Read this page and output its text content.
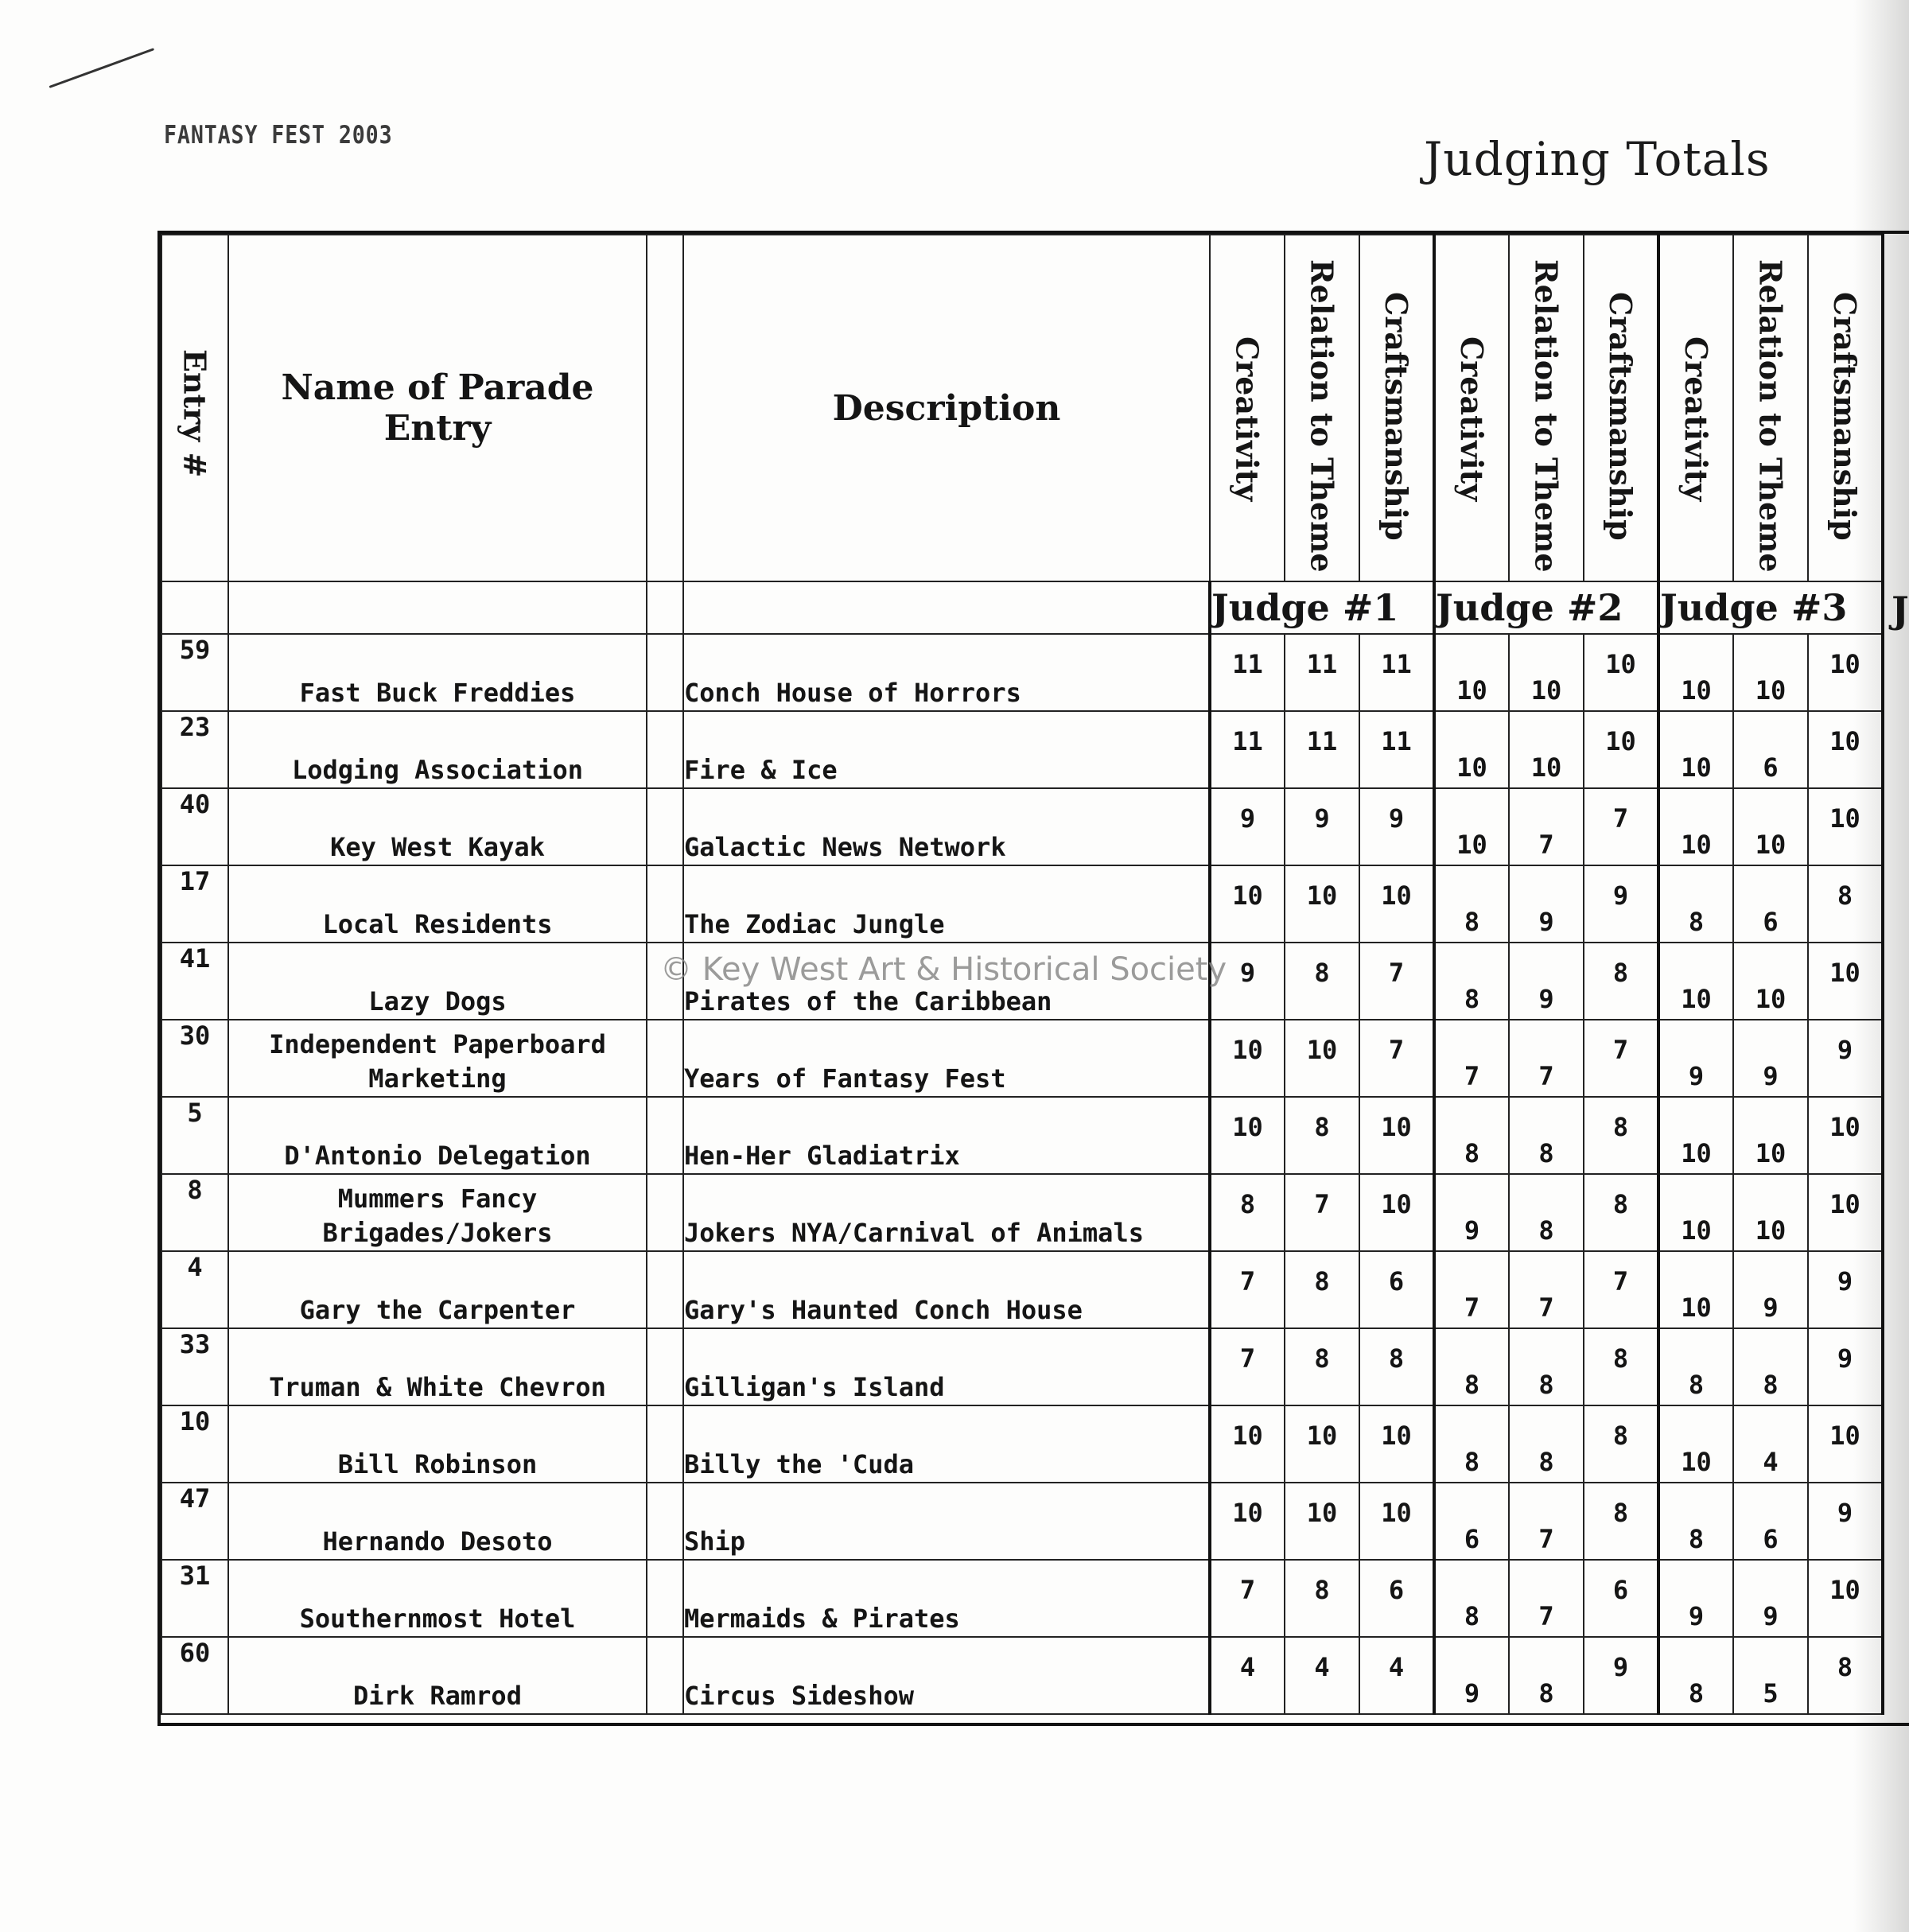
FANTASY FEST 2003	Judging Totals
Entry #	Name of Parade Entry		Description	Creativity	Relation to Theme	Craftsmanship	Creativity	Relation to Theme	Craftsmanship	Creativity	Relation to Theme	Craftsmanship

				Judge #1			Judge #2			Judge #3		
59	Fast Buck Freddies		Conch House of Horrors	11	11	11	10	10	10	10	10	10
23	Lodging Association		Fire & Ice	11	11	11	10	10	10	10	6	10
40	Key West Kayak		Galactic News Network	9	9	9	10	7	7	10	10	10
17	Local Residents		The Zodiac Jungle	10	10	10	8	9	9	8	6	8
41	Lazy Dogs		Pirates of the Caribbean	9	8	7	8	9	8	10	10	10
30	Independent Paperboard Marketing		Years of Fantasy Fest	10	10	7	7	7	7	9	9	9
5	D'Antonio Delegation		Hen-Her Gladiatrix	10	8	10	8	8	8	10	10	10
8	Mummers Fancy Brigades/Jokers		Jokers NYA/Carnival of Animals	8	7	10	9	8	8	10	10	10
4	Gary the Carpenter		Gary's Haunted Conch House	7	8	6	7	7	7	10	9	9
33	Truman & White Chevron		Gilligan's Island	7	8	8	8	8	8	8	8	9
10	Bill Robinson		Billy the 'Cuda	10	10	10	8	8	8	10	4	10
47	Hernando Desoto		Ship	10	10	10	6	7	8	8	6	9
31	Southernmost Hotel		Mermaids & Pirates	7	8	6	8	7	6	9	9	10
60	Dirk Ramrod		Circus Sideshow	4	4	4	9	8	9	8	5	8
J
© Key West Art & Historical Society
